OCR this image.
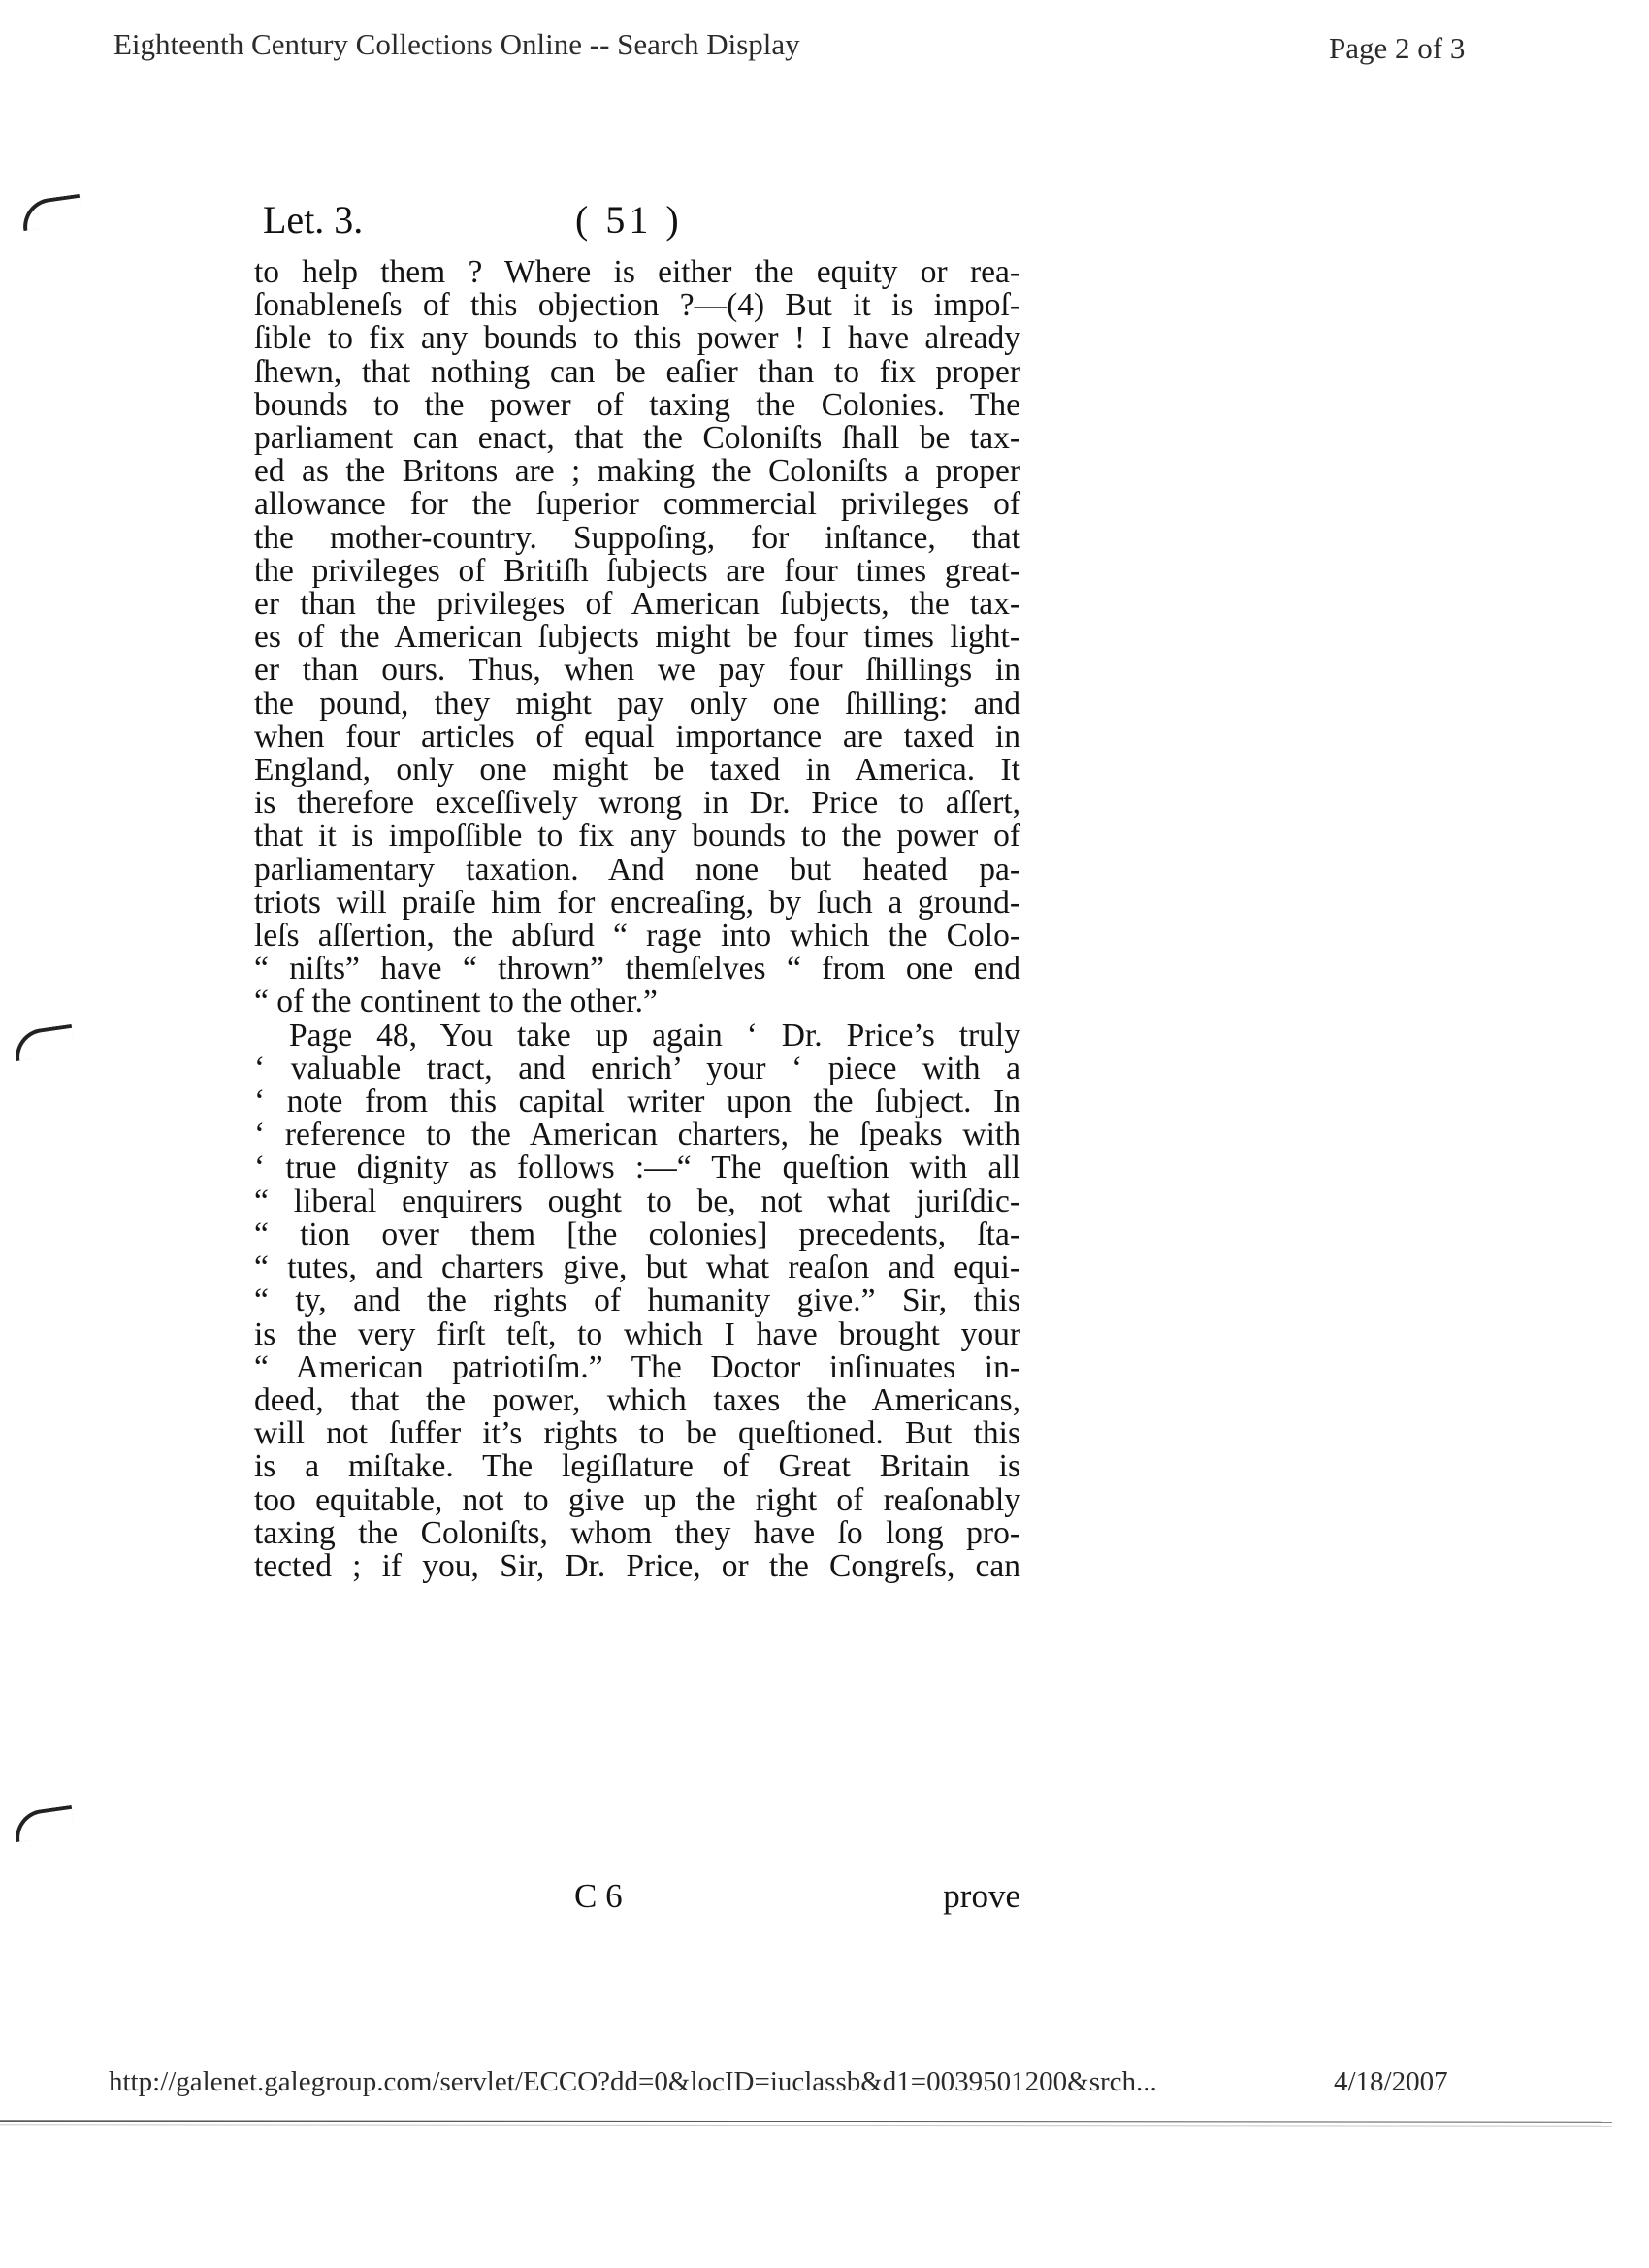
Eighteenth Century Collections Online -- Search Display	Page 2 of 3
Let. 3.	( 51 )
to help them ? Where is either the equity or rea-
ſonableneſs of this objection ?—(4) But it is impoſ-
ſible to fix any bounds to this power ! I have already
ſhewn, that nothing can be eaſier than to fix proper
bounds to the power of taxing the Colonies. The
parliament can enact, that the Coloniſts ſhall be tax-
ed as the Britons are ; making the Coloniſts a proper
allowance for the ſuperior commercial privileges of
the mother-country. Suppoſing, for inſtance, that
the privileges of Britiſh ſubjects are four times great-
er than the privileges of American ſubjects, the tax-
es of the American ſubjects might be four times light-
er than ours. Thus, when we pay four ſhillings in
the pound, they might pay only one ſhilling: and
when four articles of equal importance are taxed in
England, only one might be taxed in America. It
is therefore exceſſively wrong in Dr. Price to aſſert,
that it is impoſſible to fix any bounds to the power of
parliamentary taxation. And none but heated pa-
triots will praiſe him for encreaſing, by ſuch a ground-
leſs aſſertion, the abſurd “ rage into which the Colo-
“ niſts” have “ thrown” themſelves “ from one end
“ of the continent to the other.”
Page 48, You take up again ‘ Dr. Price’s truly
‘ valuable tract, and enrich’ your ‘ piece with a
‘ note from this capital writer upon the ſubject. In
‘ reference to the American charters, he ſpeaks with
‘ true dignity as follows :—“ The queſtion with all
“ liberal enquirers ought to be, not what juriſdic-
“ tion over them [the colonies] precedents, ſta-
“ tutes, and charters give, but what reaſon and equi-
“ ty, and the rights of humanity give.” Sir, this
is the very firſt teſt, to which I have brought your
“ American patriotiſm.” The Doctor inſinuates in-
deed, that the power, which taxes the Americans,
will not ſuffer it’s rights to be queſtioned. But this
is a miſtake. The legiſlature of Great Britain is
too equitable, not to give up the right of reaſonably
taxing the Coloniſts, whom they have ſo long pro-
tected ; if you, Sir, Dr. Price, or the Congreſs, can
C 6	prove
http://galenet.galegroup.com/servlet/ECCO?dd=0&locID=iuclassb&d1=0039501200&srch...	4/18/2007
